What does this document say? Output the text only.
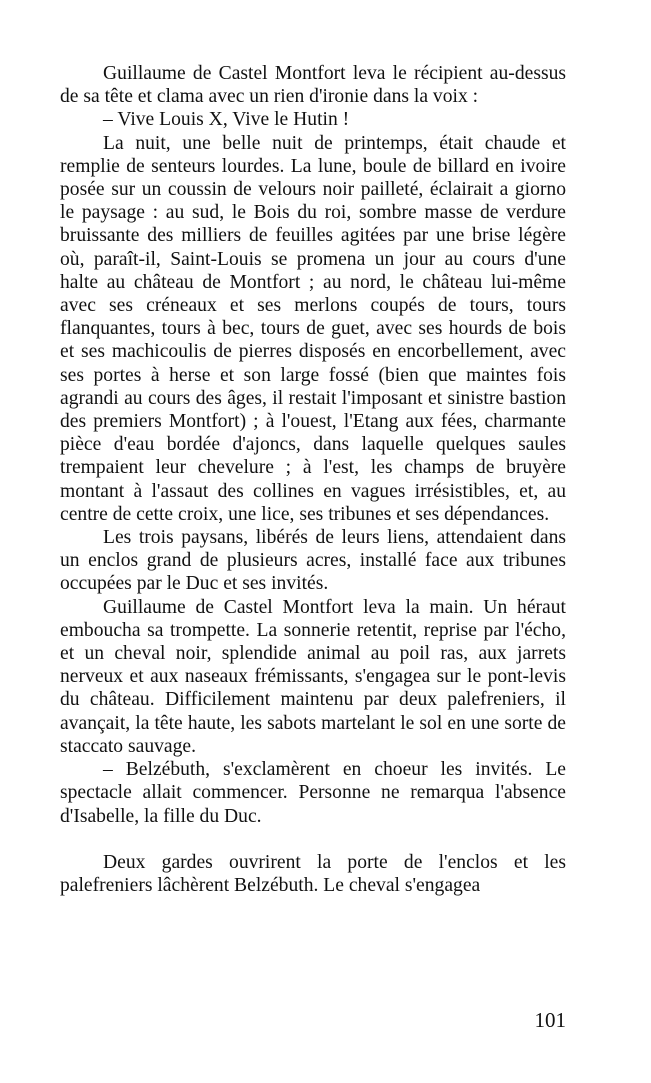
Guillaume de Castel Montfort leva le récipient au-dessus de sa tête et clama avec un rien d'ironie dans la voix :

– Vive Louis X, Vive le Hutin !

La nuit, une belle nuit de printemps, était chaude et remplie de senteurs lourdes. La lune, boule de billard en ivoire posée sur un coussin de velours noir pailleté, éclairait a giorno le paysage : au sud, le Bois du roi, sombre masse de verdure bruissante des milliers de feuilles agitées par une brise légère où, paraît-il, Saint-Louis se promena un jour au cours d'une halte au château de Montfort ; au nord, le château lui-même avec ses créneaux et ses merlons coupés de tours, tours flanquantes, tours à bec, tours de guet, avec ses hourds de bois et ses machicoulis de pierres disposés en encorbellement, avec ses portes à herse et son large fossé (bien que maintes fois agrandi au cours des âges, il restait l'imposant et sinistre bastion des premiers Montfort) ; à l'ouest, l'Etang aux fées, charmante pièce d'eau bordée d'ajoncs, dans laquelle quelques saules trempaient leur chevelure ; à l'est, les champs de bruyère montant à l'assaut des collines en vagues irrésistibles, et, au centre de cette croix, une lice, ses tribunes et ses dépendances.

Les trois paysans, libérés de leurs liens, attendaient dans un enclos grand de plusieurs acres, installé face aux tribunes occupées par le Duc et ses invités.

Guillaume de Castel Montfort leva la main. Un héraut emboucha sa trompette. La sonnerie retentit, reprise par l'écho, et un cheval noir, splendide animal au poil ras, aux jarrets nerveux et aux naseaux frémissants, s'engagea sur le pont-levis du château. Difficilement maintenu par deux palefreniers, il avançait, la tête haute, les sabots martelant le sol en une sorte de staccato sauvage.

– Belzébuth, s'exclamèrent en choeur les invités. Le spectacle allait commencer. Personne ne remarqua l'absence d'Isabelle, la fille du Duc.

Deux gardes ouvrirent la porte de l'enclos et les palefreniers lâchèrent Belzébuth. Le cheval s'engagea

101
